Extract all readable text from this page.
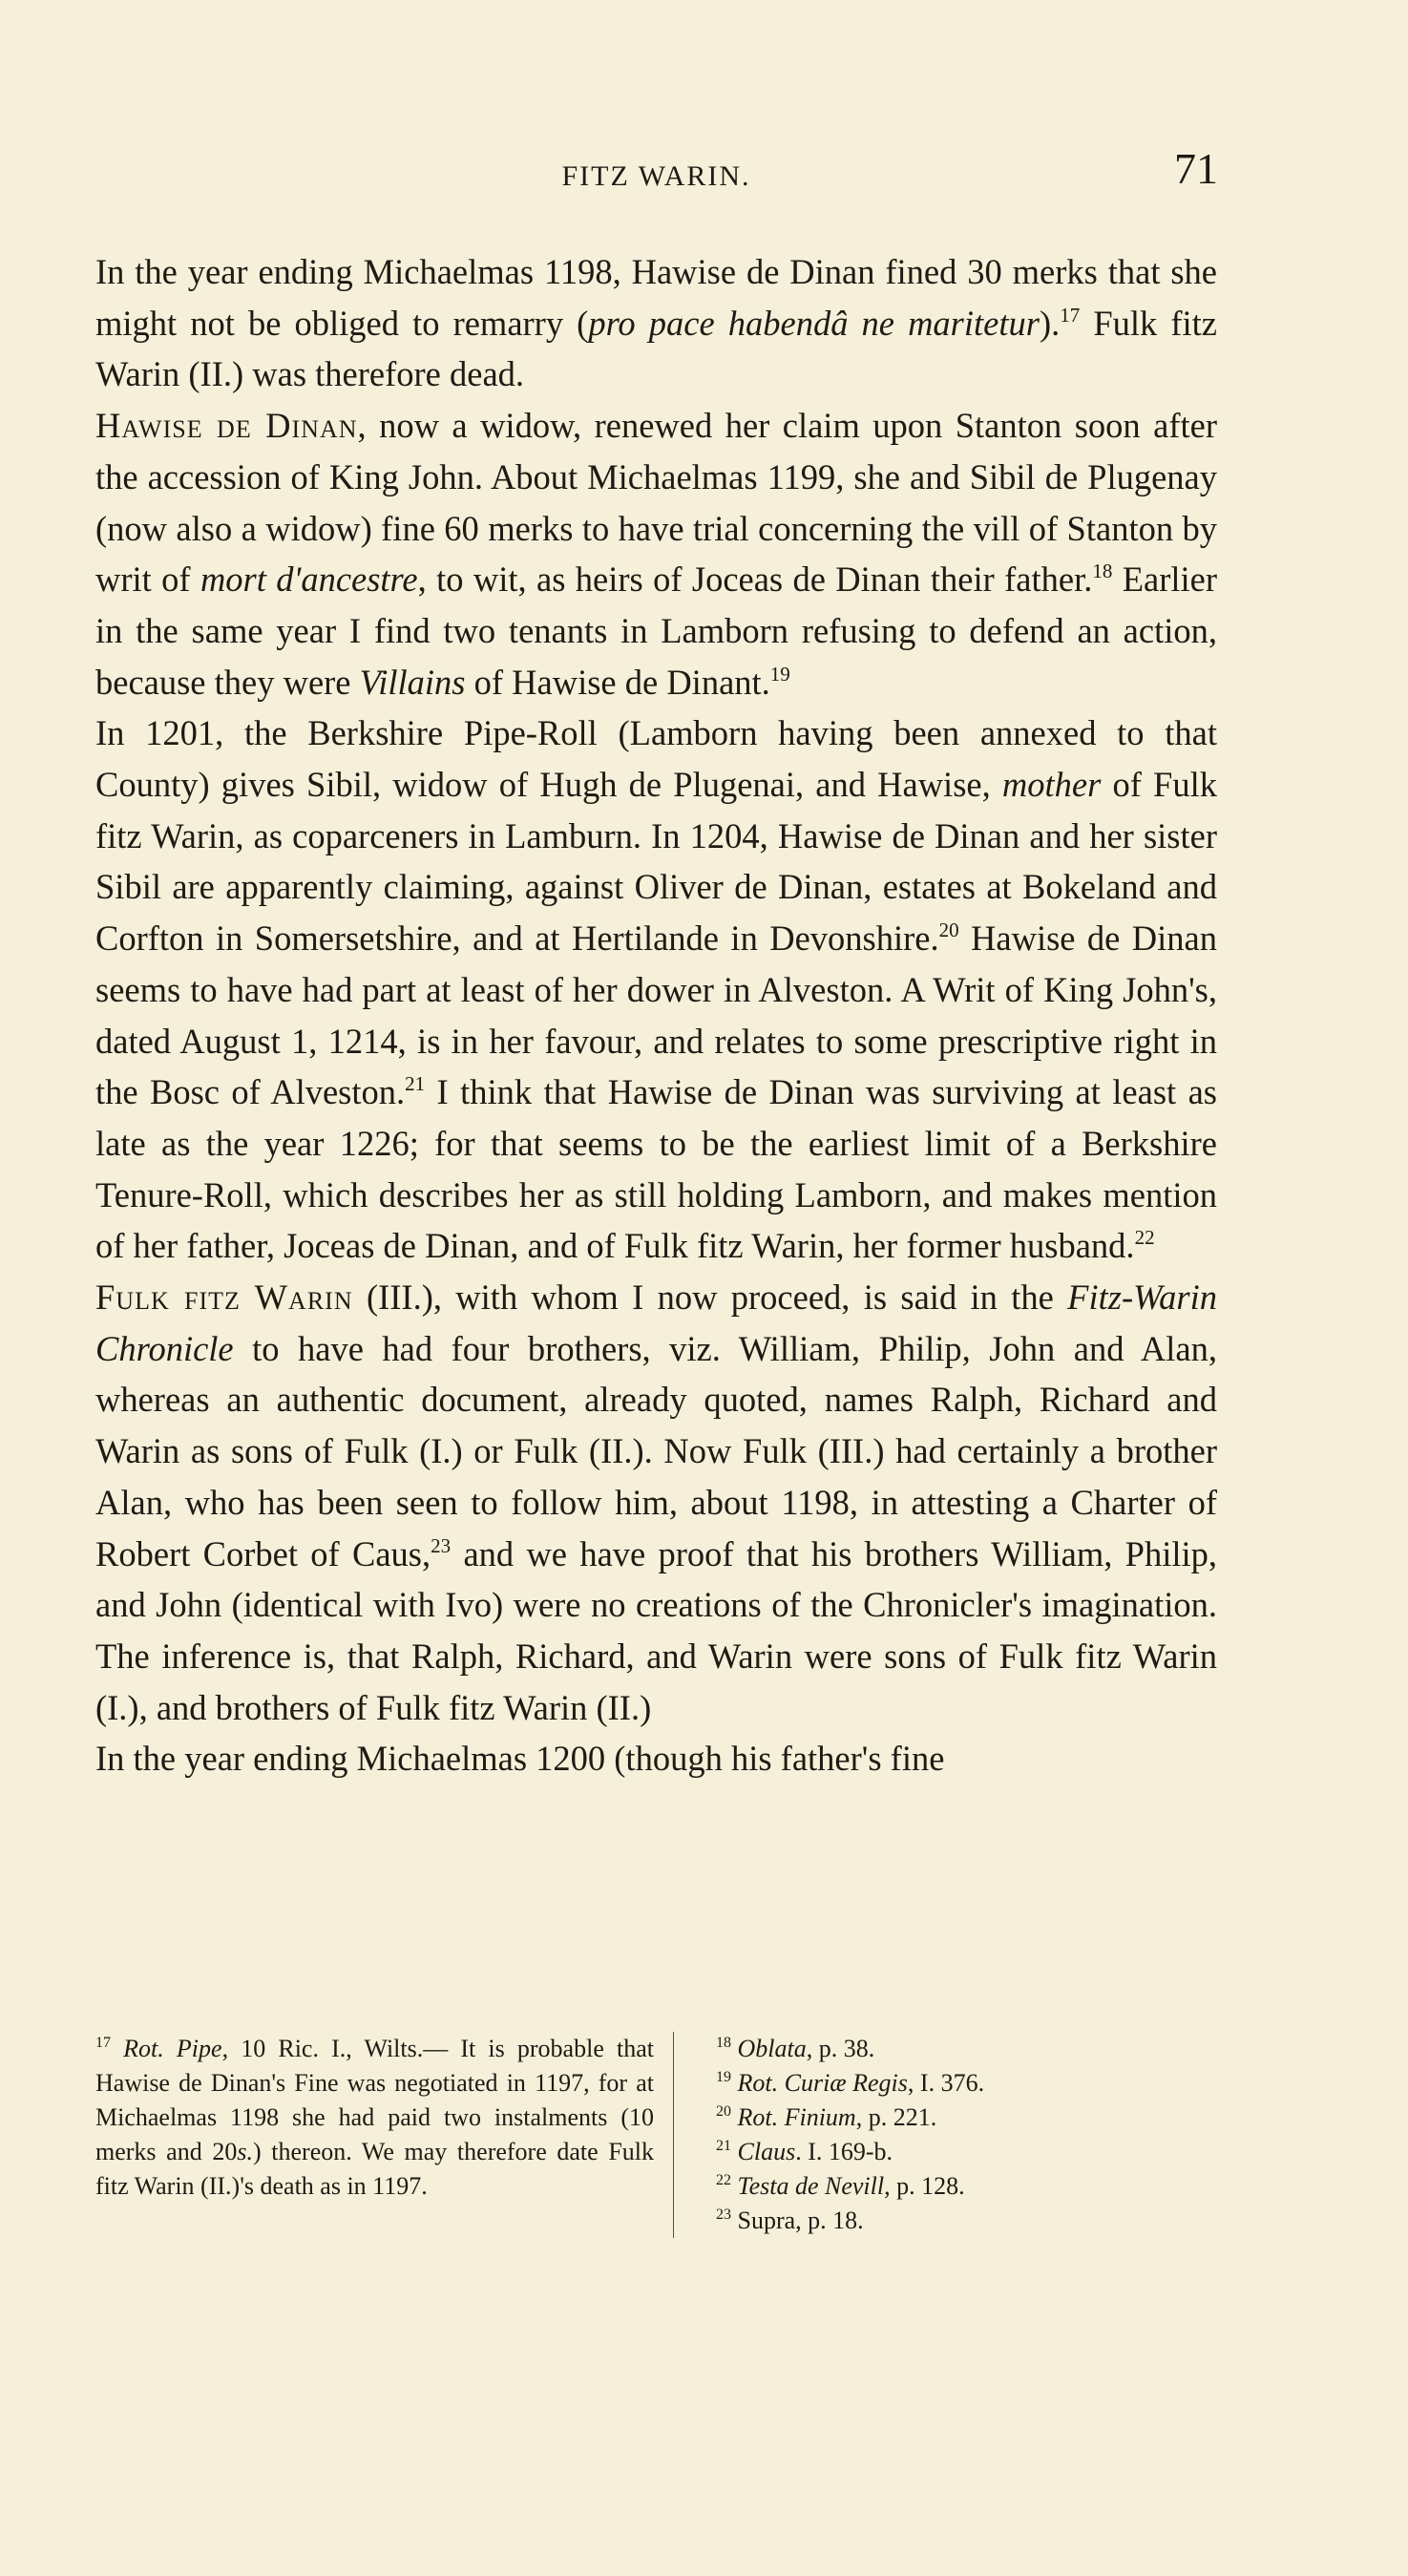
FITZ WARIN.	71

In the year ending Michaelmas 1198, Hawise de Dinan fined 30 merks that she might not be obliged to remarry (pro pace habendâ ne maritetur).$^{17}$ Fulk fitz Warin (II.) was therefore dead.

Hawise de Dinan, now a widow, renewed her claim upon Stanton soon after the accession of King John. About Michaelmas 1199, she and Sibil de Plugenay (now also a widow) fine 60 merks to have trial concerning the vill of Stanton by writ of mort d'ancestre, to wit, as heirs of Joceas de Dinan their father.$^{18}$ Earlier in the same year I find two tenants in Lamborn refusing to defend an action, because they were Villains of Hawise de Dinant.$^{19}$

In 1201, the Berkshire Pipe-Roll (Lamborn having been annexed to that County) gives Sibil, widow of Hugh de Plugenai, and Hawise, mother of Fulk fitz Warin, as coparceners in Lamburn. In 1204, Hawise de Dinan and her sister Sibil are apparently claiming, against Oliver de Dinan, estates at Bokeland and Corfton in Somersetshire, and at Hertilande in Devonshire.$^{20}$ Hawise de Dinan seems to have had part at least of her dower in Alveston. A Writ of King John's, dated August 1, 1214, is in her favour, and relates to some prescriptive right in the Bosc of Alveston.$^{21}$ I think that Hawise de Dinan was surviving at least as late as the year 1226; for that seems to be the earliest limit of a Berkshire Tenure-Roll, which describes her as still holding Lamborn, and makes mention of her father, Joceas de Dinan, and of Fulk fitz Warin, her former husband.$^{22}$

Fulk fitz Warin (III.), with whom I now proceed, is said in the Fitz-Warin Chronicle to have had four brothers, viz. William, Philip, John and Alan, whereas an authentic document, already quoted, names Ralph, Richard and Warin as sons of Fulk (I.) or Fulk (II.). Now Fulk (III.) had certainly a brother Alan, who has been seen to follow him, about 1198, in attesting a Charter of Robert Corbet of Caus,$^{23}$ and we have proof that his brothers William, Philip, and John (identical with Ivo) were no creations of the Chronicler's imagination. The inference is, that Ralph, Richard, and Warin were sons of Fulk fitz Warin (I.), and brothers of Fulk fitz Warin (II.)

In the year ending Michaelmas 1200 (though his father's fine

$^{17}$ Rot. Pipe, 10 Ric. I., Wilts.— It is probable that Hawise de Dinan's Fine was negotiated in 1197, for at Michaelmas 1198 she had paid two instalments (10 merks and 20s.) thereon. We may therefore date Fulk fitz Warin (II.)'s death as in 1197.

$^{18}$ Oblata, p. 38.

$^{19}$ Rot. Curiæ Regis, I. 376.

$^{20}$ Rot. Finium, p. 221.

$^{21}$ Claus. I. 169-b.

$^{22}$ Testa de Nevill, p. 128.

$^{23}$ Supra, p. 18.
